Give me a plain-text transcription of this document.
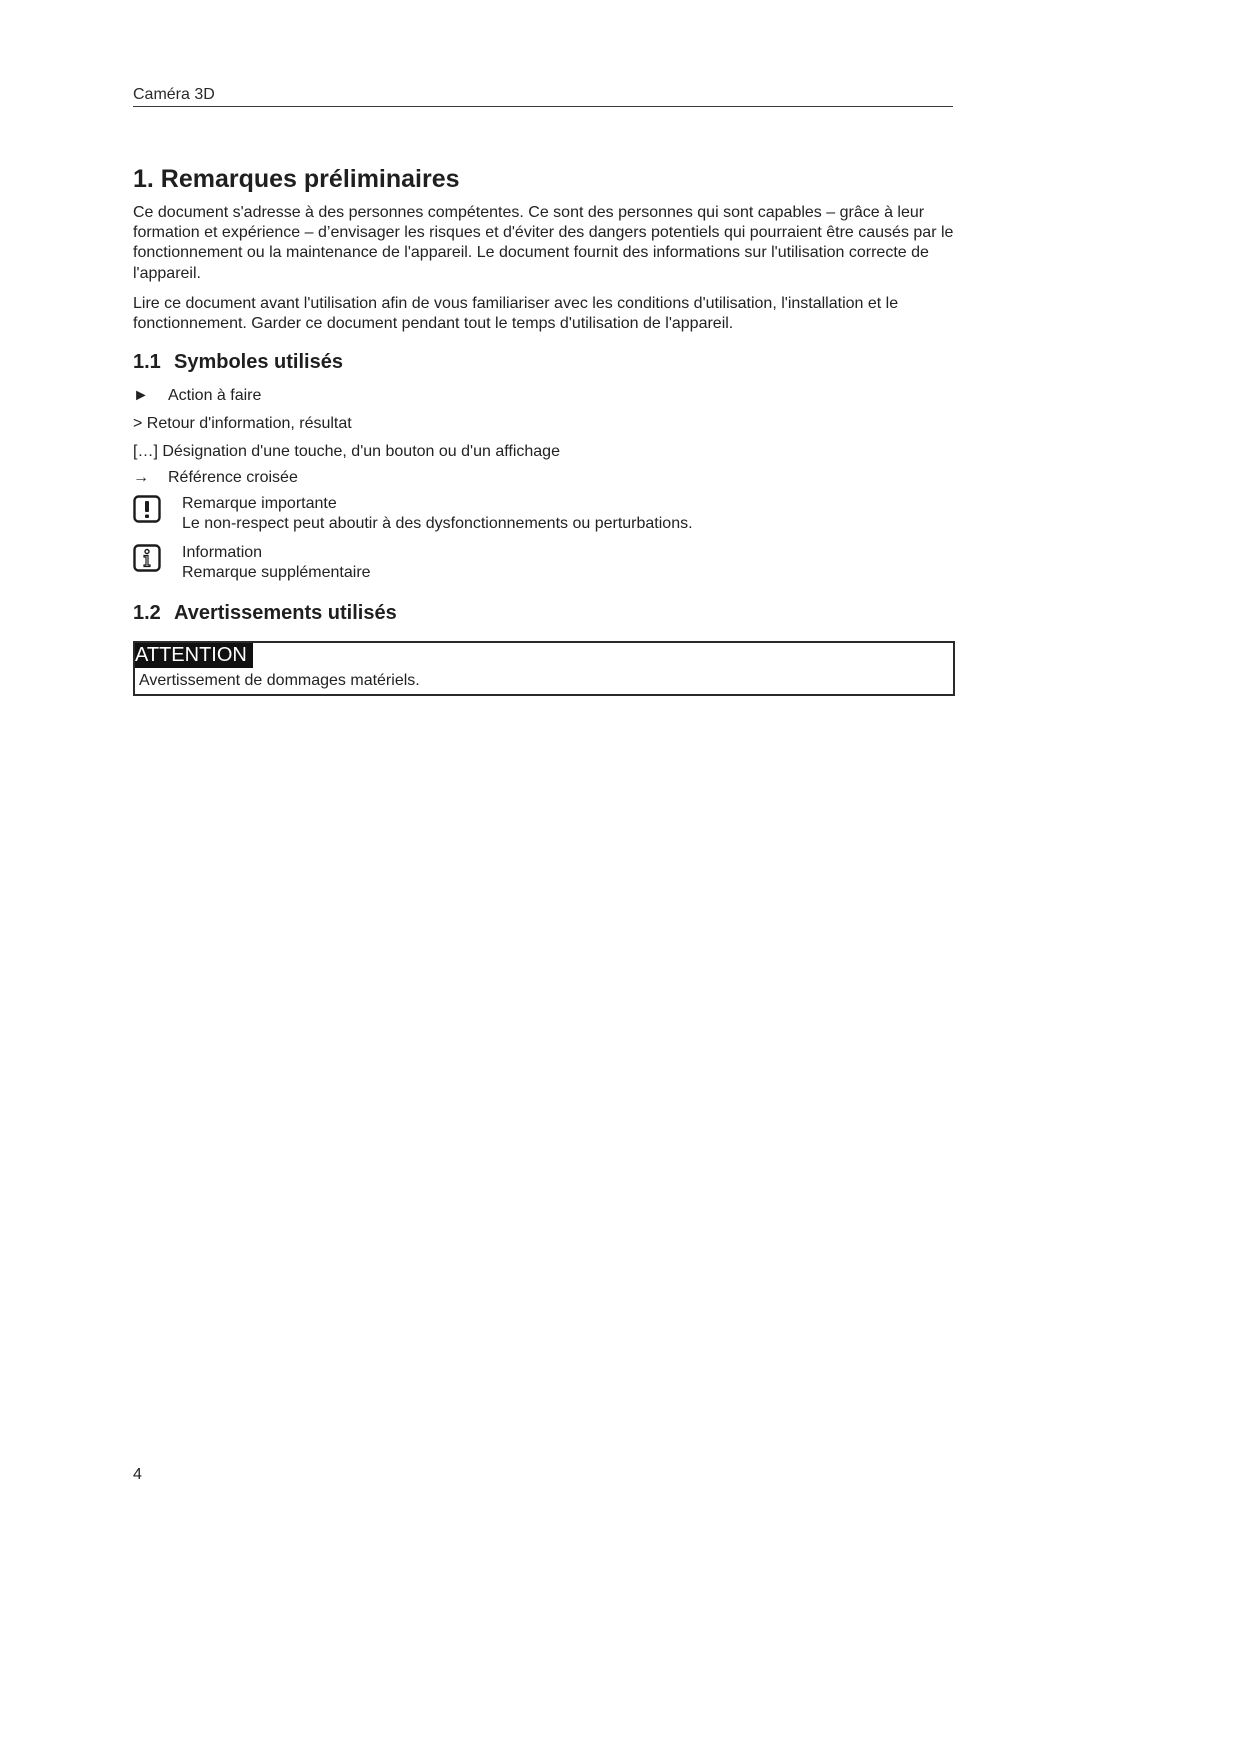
Caméra 3D
1. Remarques préliminaires

Ce document s'adresse à des personnes compétentes. Ce sont des personnes qui sont capables – grâce à leur formation et expérience – d’envisager les risques et d'éviter des dangers potentiels qui pourraient être causés par le fonctionnement ou la maintenance de l'appareil. Le document fournit des informations sur l'utilisation correcte de l'appareil.

Lire ce document avant l'utilisation afin de vous familiariser avec les conditions d'utilisation, l'installation et le fonctionnement. Garder ce document pendant tout le temps d'utilisation de l'appareil.

1.1 Symboles utilisés
► Action à faire
> Retour d'information, résultat
[…] Désignation d'une touche, d'un bouton ou d'un affichage
→ Référence croisée
Remarque importante
Le non-respect peut aboutir à des dysfonctionnements ou perturbations.
Information
Remarque supplémentaire
1.2 Avertissements utilisés
ATTENTION
Avertissement de dommages matériels.
4
